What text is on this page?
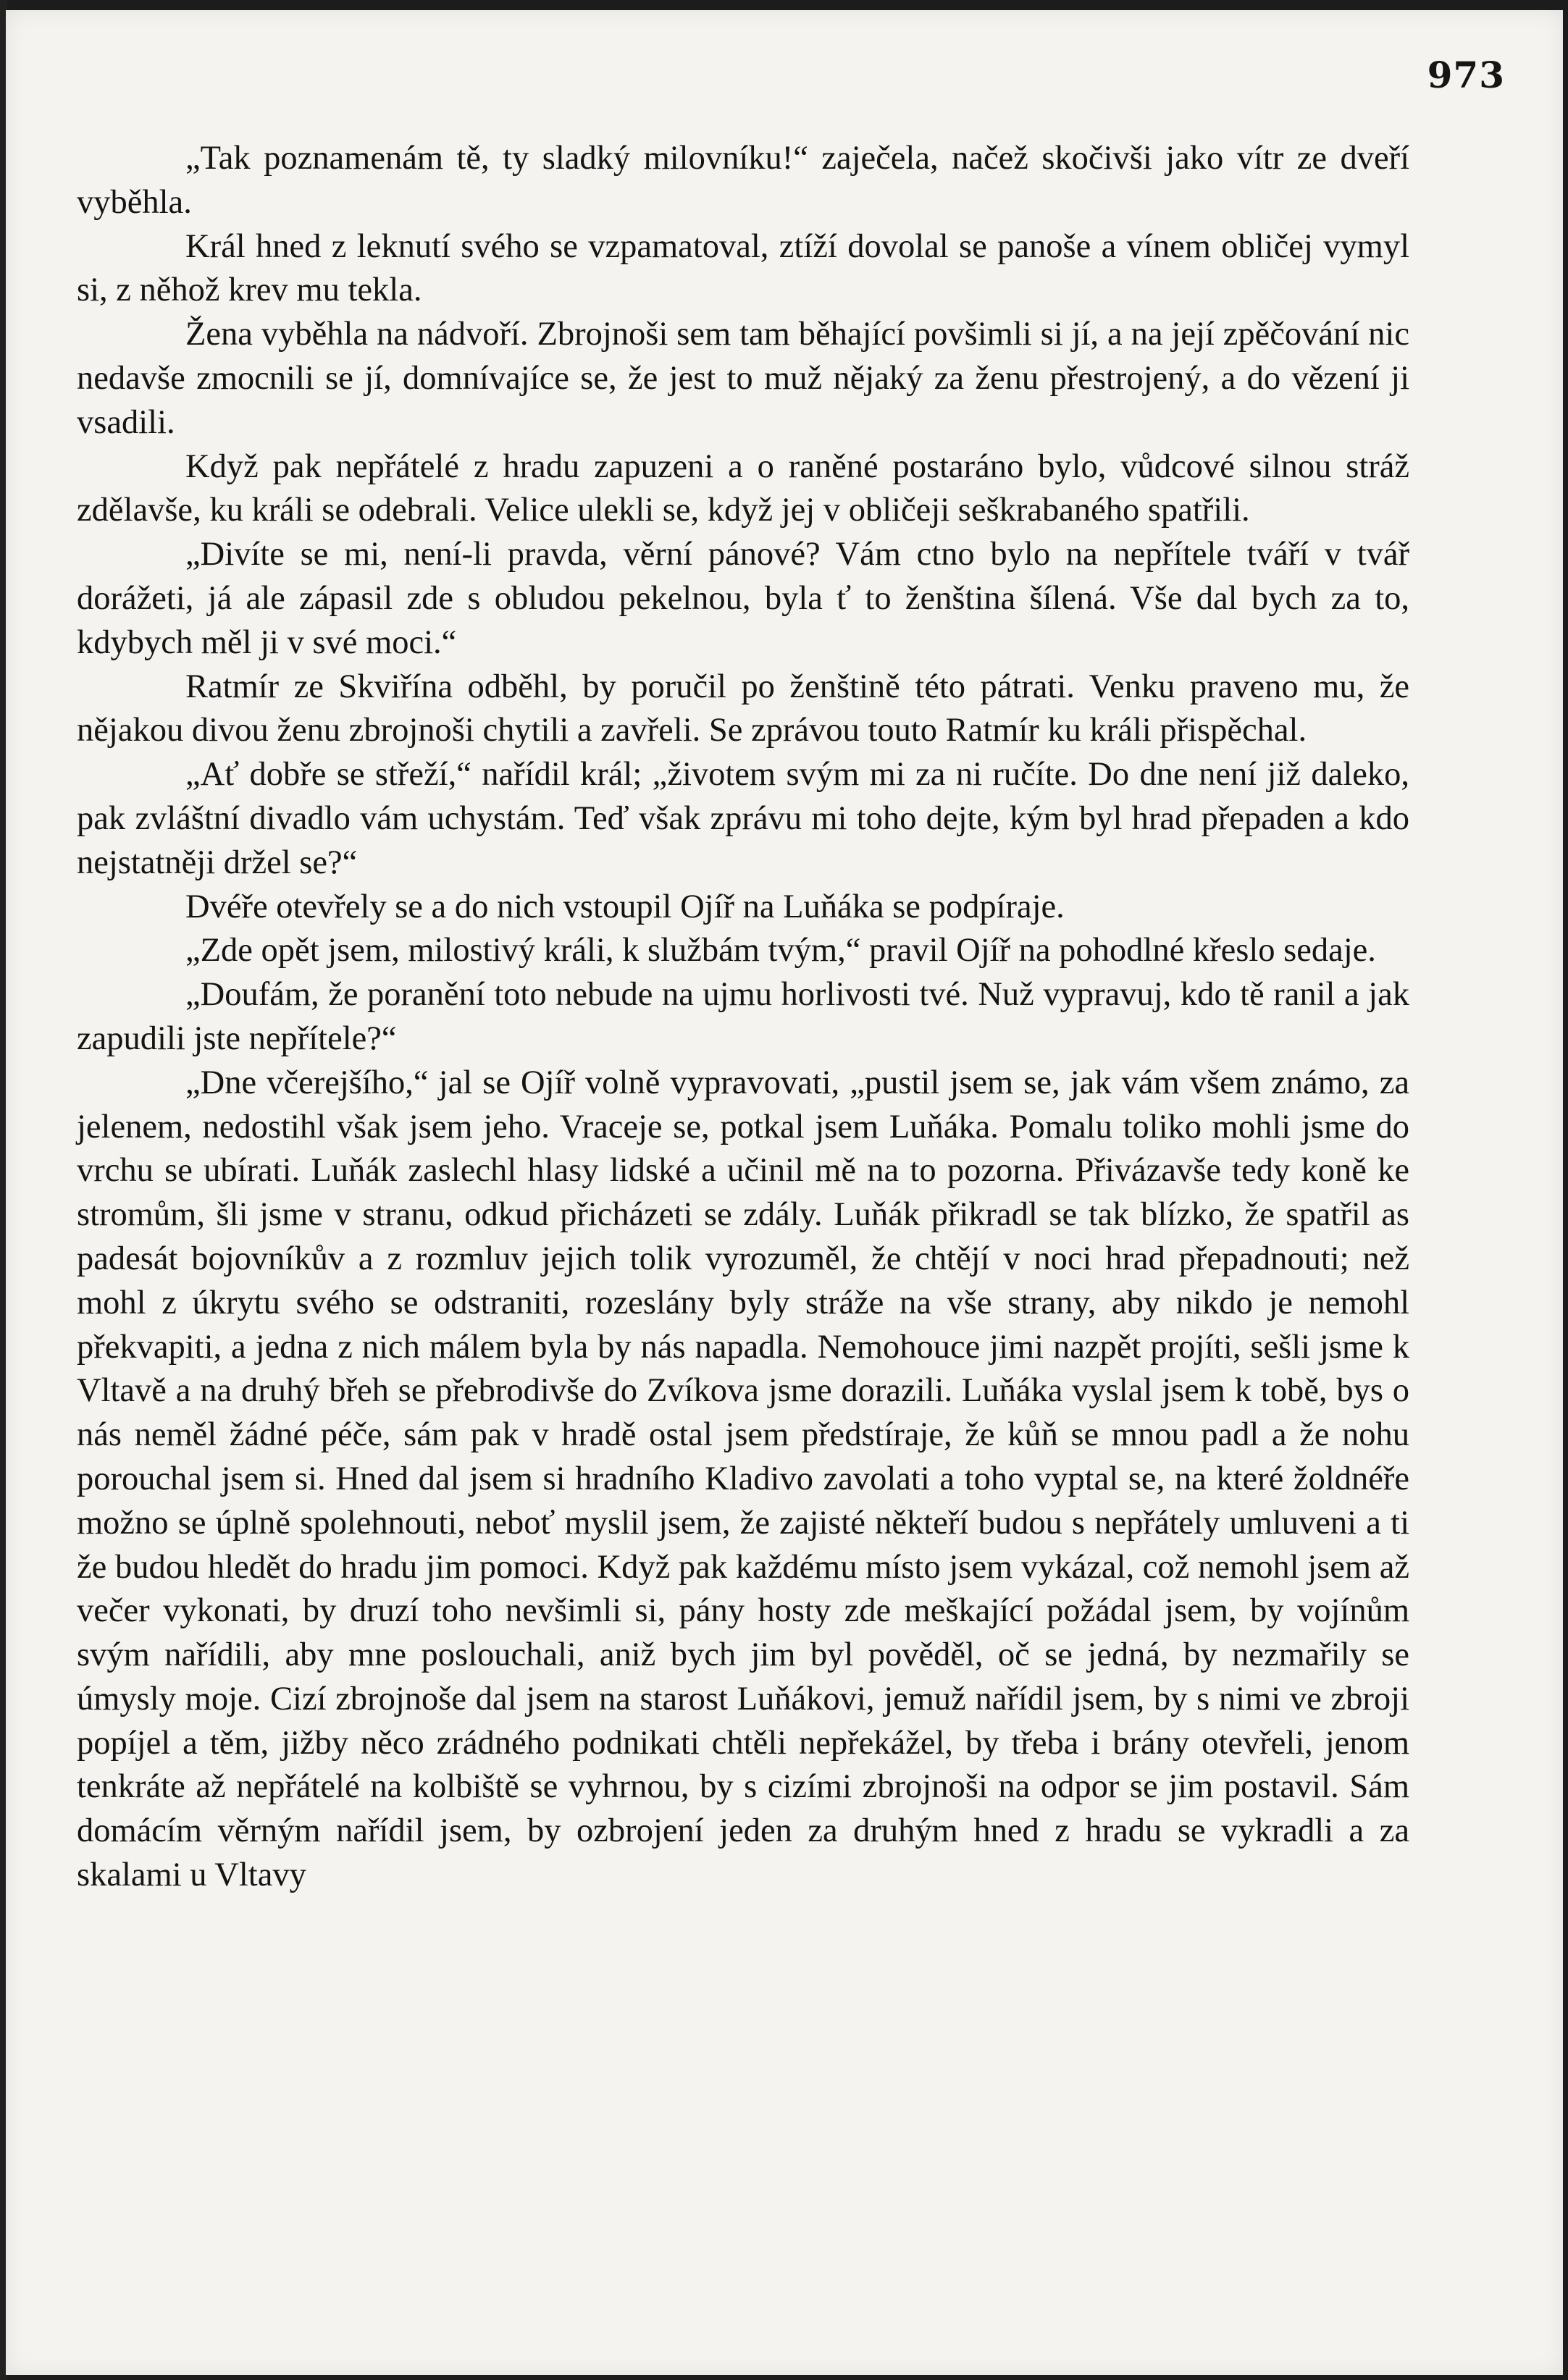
973

„Tak poznamenám tě, ty sladký milovníku!“ zaječela, načež skočivši jako vítr ze dveří vyběhla.

Král hned z leknutí svého se vzpamatoval, ztíží dovolal se panoše a vínem obličej vymyl si, z něhož krev mu tekla.

Žena vyběhla na nádvoří. Zbrojnoši sem tam běhající povšimli si jí, a na její zpěčování nic nedavše zmocnili se jí, domnívajíce se, že jest to muž nějaký za ženu přestrojený, a do vězení ji vsadili.

Když pak nepřátelé z hradu zapuzeni a o raněné postaráno bylo, vůdcové silnou stráž zdělavše, ku králi se odebrali. Velice ulekli se, když jej v obličeji seškrabaného spatřili.

„Divíte se mi, není-li pravda, věrní pánové? Vám ctno bylo na nepřítele tváří v tvář dorážeti, já ale zápasil zde s obludou pekelnou, byla ť to ženština šílená. Vše dal bych za to, kdybych měl ji v své moci.“

Ratmír ze Skviřína odběhl, by poručil po ženštině této pátrati. Venku praveno mu, že nějakou divou ženu zbrojnoši chytili a zavřeli. Se zprávou touto Ratmír ku králi přispěchal.

„Ať dobře se střeží,“ nařídil král; „životem svým mi za ni ručíte. Do dne není již daleko, pak zvláštní divadlo vám uchystám. Teď však zprávu mi toho dejte, kým byl hrad přepaden a kdo nejstatněji držel se?“

Dvéře otevřely se a do nich vstoupil Ojíř na Luňáka se podpíraje.

„Zde opět jsem, milostivý králi, k službám tvým,“ pravil Ojíř na pohodlné křeslo sedaje.

„Doufám, že poranění toto nebude na ujmu horlivosti tvé. Nuž vypravuj, kdo tě ranil a jak zapudili jste nepřítele?“

„Dne včerejšího,“ jal se Ojíř volně vypravovati, „pustil jsem se, jak vám všem známo, za jelenem, nedostihl však jsem jeho. Vraceje se, potkal jsem Luňáka. Pomalu toliko mohli jsme do vrchu se ubírati. Luňák zaslechl hlasy lidské a učinil mě na to pozorna. Přivázavše tedy koně ke stromům, šli jsme v stranu, odkud přicházeti se zdály. Luňák přikradl se tak blízko, že spatřil as padesát bojovníkův a z rozmluv jejich tolik vyrozuměl, že chtějí v noci hrad přepadnouti; než mohl z úkrytu svého se odstraniti, rozeslány byly stráže na vše strany, aby nikdo je nemohl překvapiti, a jedna z nich málem byla by nás napadla. Nemohouce jimi nazpět projíti, sešli jsme k Vltavě a na druhý břeh se přebrodivše do Zvíkova jsme dorazili. Luňáka vyslal jsem k tobě, bys o nás neměl žádné péče, sám pak v hradě ostal jsem předstíraje, že kůň se mnou padl a že nohu porouchal jsem si. Hned dal jsem si hradního Kladivo zavolati a toho vyptal se, na které žoldnéře možno se úplně spolehnouti, neboť myslil jsem, že zajisté někteří budou s nepřátely umluveni a ti že budou hledět do hradu jim pomoci. Když pak každému místo jsem vykázal, což nemohl jsem až večer vykonati, by druzí toho nevšimli si, pány hosty zde meškající požádal jsem, by vojínům svým nařídili, aby mne poslouchali, aniž bych jim byl pověděl, oč se jedná, by nezmařily se úmysly moje. Cizí zbrojnoše dal jsem na starost Luňákovi, jemuž nařídil jsem, by s nimi ve zbroji popíjel a těm, jižby něco zrádného podnikati chtěli nepřekážel, by třeba i brány otevřeli, jenom tenkráte až nepřátelé na kolbiště se vyhrnou, by s cizími zbrojnoši na odpor se jim postavil. Sám domácím věrným nařídil jsem, by ozbrojení jeden za druhým hned z hradu se vykradli a za skalami u Vltavy
